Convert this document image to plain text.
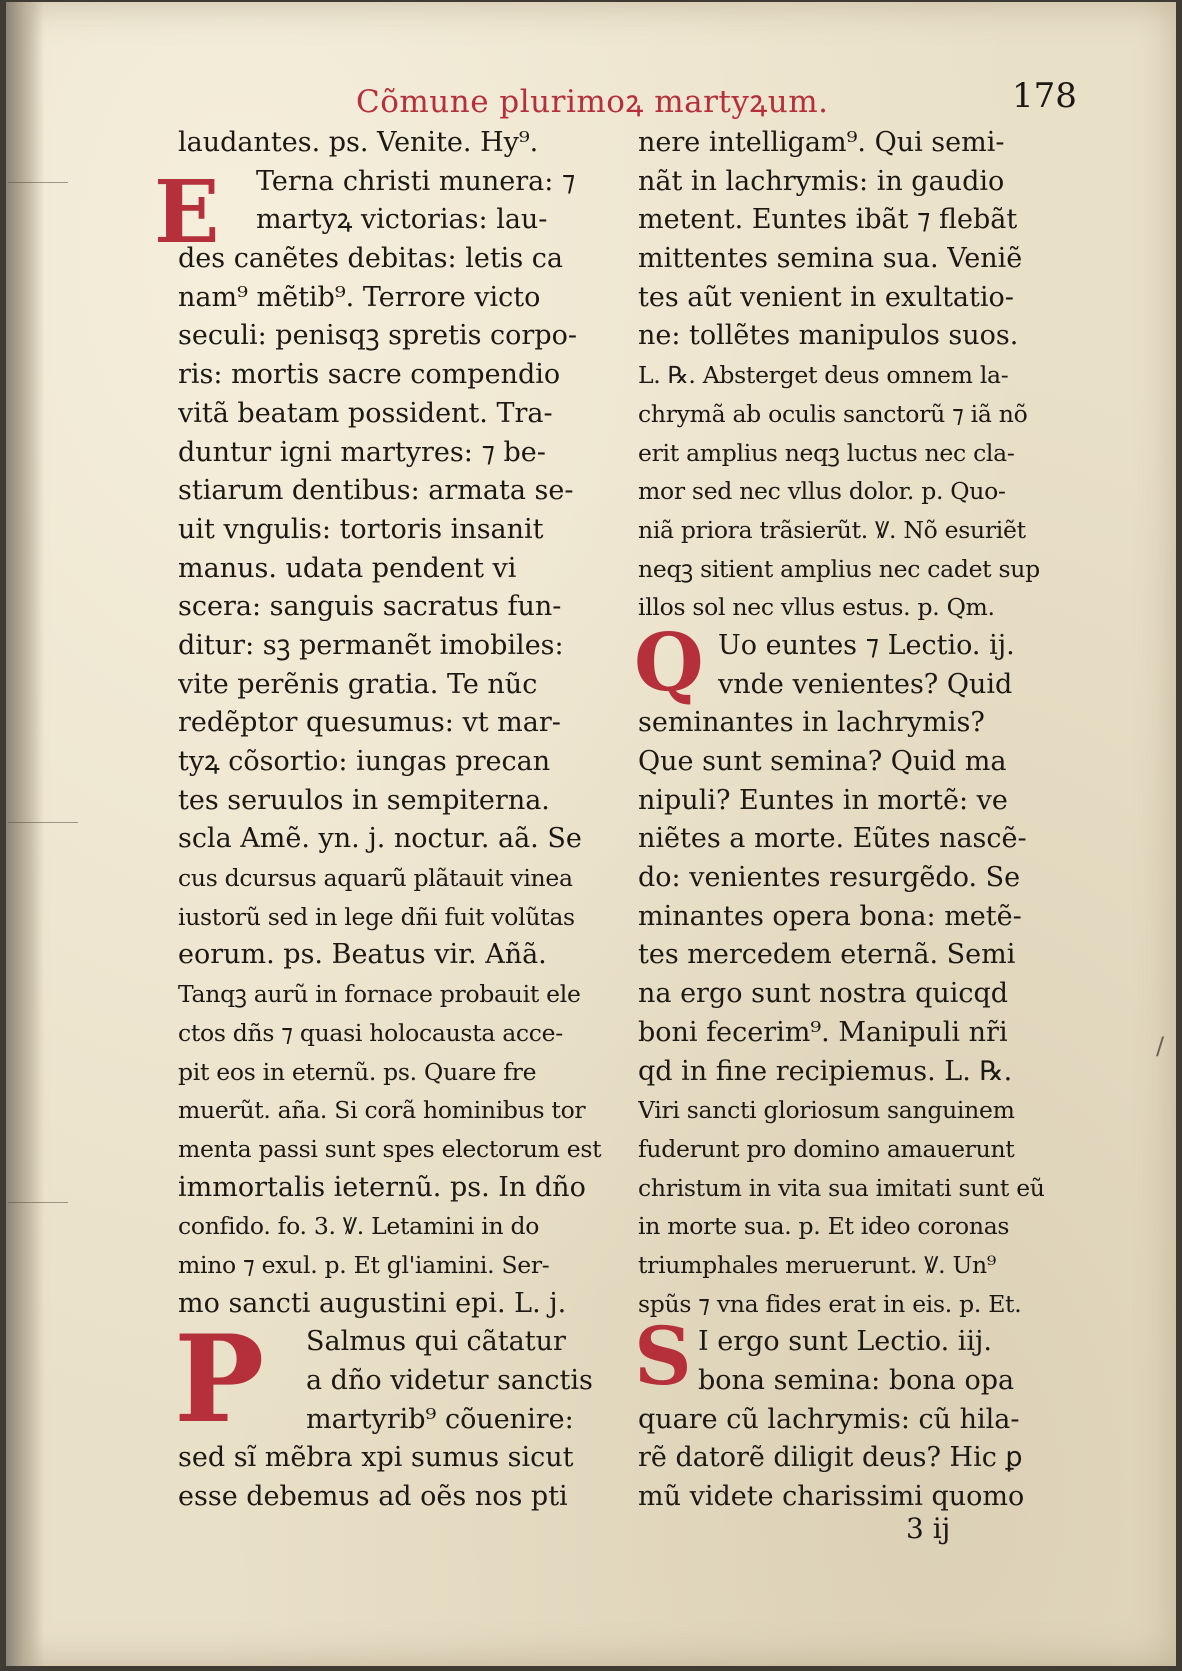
Cõmune plurimoꝝ martyꝝum.	178
E
P
Q
S
laudantes. ps. Venite. Hy⁹.
Terna christi munera: ⁊
martyꝝ victorias: lau-
des canẽtes debitas: letis ca
nam⁹ mẽtib⁹. Terrore victo
seculi: penisqꝫ spretis corpo-
ris: mortis sacre compendio
vitã beatam possident. Tra-
duntur igni martyres: ⁊ be-
stiarum dentibus: armata se-
uit vngulis: tortoris insanit
manus. udata pendent vi
scera: sanguis sacratus fun-
ditur: sꝫ permanẽt imobiles:
vite perẽnis gratia. Te nũc
redẽptor quesumus: vt mar-
tyꝝ cõsortio: iungas precan
tes seruulos in sempiterna.
scla Amẽ. yn. j. noctur. aã. Se
cus dcursus aquarũ plãtauit vinea
iustorũ sed in lege dñi fuit volũtas
eorum. ps. Beatus vir. Añã.
Tanqꝫ aurũ in fornace probauit ele
ctos dñs ⁊ quasi holocausta acce-
pit eos in eternũ. ps. Quare fre
muerũt. aña. Si corã hominibus tor
menta passi sunt spes electorum est
immortalis ieternũ. ps. In dño
confido. fo. 3. Ꝟ. Letamini in do
mino ⁊ exul. p. Et gl'iamini. Ser-
mo sancti augustini epi. L. j.
Salmus qui cãtatur
a dño videtur sanctis
martyrib⁹ cõuenire:
sed sĩ mẽbra xpi sumus sicut
esse debemus ad oẽs nos pti
nere intelligam⁹. Qui semi-
nãt in lachrymis: in gaudio
metent. Euntes ibãt ⁊ flebãt
mittentes semina sua. Veniẽ
tes aũt venient in exultatio-
ne: tollẽtes manipulos suos.
L. ℞. Absterget deus omnem la-
chrymã ab oculis sanctorũ ⁊ iã nõ
erit amplius neqꝫ luctus nec cla-
mor sed nec vllus dolor. p. Quo-
niã priora trãsierũt. Ꝟ. Nõ esuriẽt
neqꝫ sitient amplius nec cadet sup
illos sol nec vllus estus. p. Qm.
Uo euntes ⁊ Lectio. ij.
vnde venientes? Quid
seminantes in lachrymis?
Que sunt semina? Quid ma
nipuli? Euntes in mortẽ: ve
niẽtes a morte. Eũtes nascẽ-
do: venientes resurgẽdo. Se
minantes opera bona: metẽ-
tes mercedem eternã. Semi
na ergo sunt nostra quicqd
boni fecerim⁹. Manipuli nr̃i
qd in fine recipiemus. L. ℞.
Viri sancti gloriosum sanguinem
fuderunt pro domino amauerunt
christum in vita sua imitati sunt eũ
in morte sua. p. Et ideo coronas
triumphales meruerunt. Ꝟ. Un⁹
spũs ⁊ vna fides erat in eis. p. Et.
I ergo sunt Lectio. iij.
bona semina: bona opa
quare cũ lachrymis: cũ hila-
rẽ datorẽ diligit deus? Hic ꝑ
mũ videte charissimi quomo
3 ij
/
